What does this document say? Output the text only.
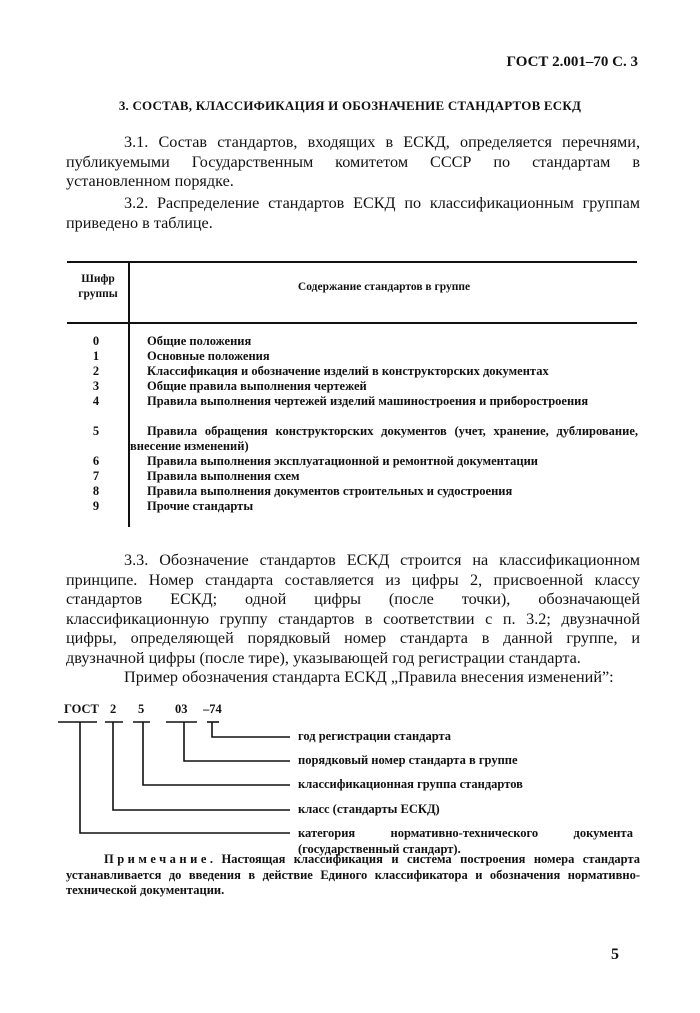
ГОСТ 2.001–70 С. 3
3. СОСТАВ, КЛАССИФИКАЦИЯ И ОБОЗНАЧЕНИЕ СТАНДАРТОВ ЕСКД
3.1. Состав стандартов, входящих в ЕСКД, определяется перечнями, публикуемыми Государственным комитетом СССР по стандартам в установленном порядке.
3.2. Распределение стандартов ЕСКД по классификационным группам приведено в таблице.
Шифр группы
Содержание стандартов в группе
0	Общие положения
1	Основные положения
2	Классификация и обозначение изделий в конструкторских документах
3	Общие правила выполнения чертежей
4	Правила выполнения чертежей изделий машиностроения и приборостроения
5	Правила обращения конструкторских документов (учет, хранение, дублирование, внесение изменений)
6	Правила выполнения эксплуатационной и ремонтной документации
7	Правила выполнения схем
8	Правила выполнения документов строительных и судостроения
9	Прочие стандарты
3.3. Обозначение стандартов ЕСКД строится на классификационном принципе. Номер стандарта составляется из цифры 2, присвоенной классу стандартов ЕСКД; одной цифры (после точки), обозначающей классификационную группу стандартов в соответствии с п. 3.2; двузначной цифры, определяющей порядковый номер стандарта в данной группе, и двузначной цифры (после тире), указывающей год регистрации стандарта.
Пример обозначения стандарта ЕСКД „Правила внесения изменений”:
ГОСТ 2 5 03 –74
год регистрации стандарта
порядковый номер стандарта в группе
классификационная группа стандартов
класс (стандарты ЕСКД)
категория нормативно-технического документа (государственный стандарт).
Примечание. Настоящая классификация и система построения номера стандарта устанавливается до введения в действие Единого классификатора и обозначения нормативно-технической документации.
5
